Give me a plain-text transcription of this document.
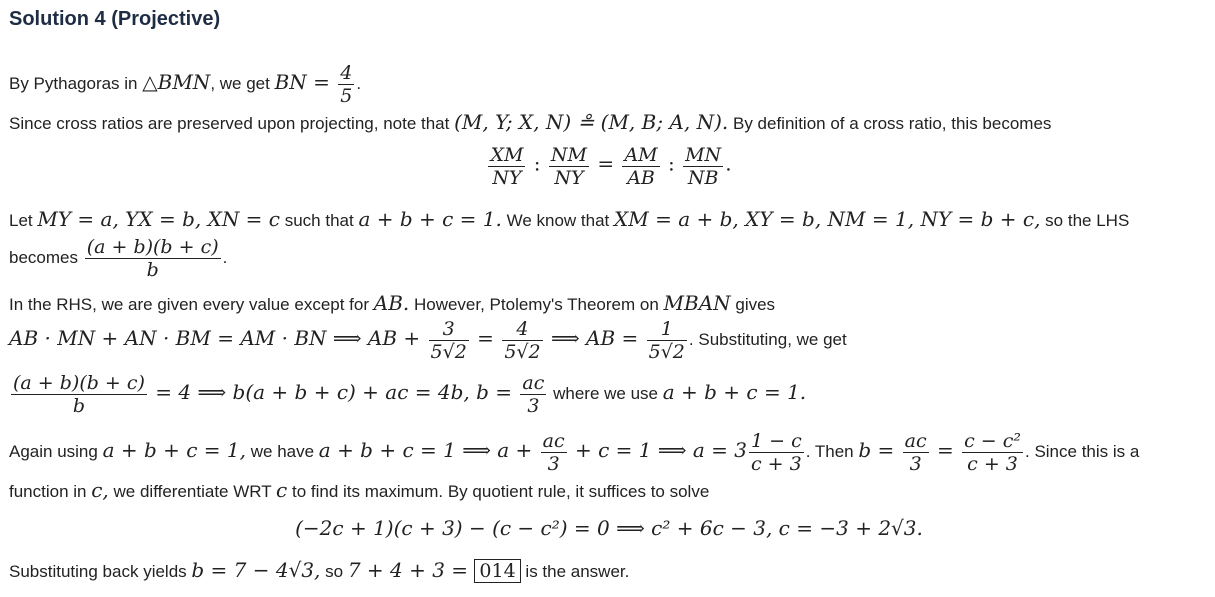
Solution 4 (Projective)
By Pythagoras in △BMN, we get BN = $\frac{4}{5}$ .
Since cross ratios are preserved upon projecting, note that (M, Y; X, N) ≗ (M, B; A, N). By definition of a cross ratio, this becomes
$\frac{XM}{NY}$ : $\frac{NM}{NY} = \frac{AM}{AB}$ : $\frac{MN}{NB}$ .
Let MY = a, YX = b, XN = c such that a + b + c = 1. We know that XM = a + b, XY = b, NM = 1, NY = b + c, so the LHS
becomes $\frac{(a + b)(b + c)}{b}$ .
In the RHS, we are given every value except for AB. However, Ptolemy's Theorem on MBAN gives
AB · MN + AN · BM = AM · BN ⟹ AB + $\frac{3}{5√2} = \frac{4}{5√2}$ ⟹ AB = $\frac{1}{5√2}$ . Substituting, we get
$\frac{(a + b)(b + c)}{b} = 4$ ⟹ b(a + b + c) + ac = 4b, $b = \frac{ac}{3}$ where we use a + b + c = 1.
Again using a + b + c = 1, we have a + b + c = 1 ⟹ $a + \frac{ac}{3} + c = 1$ ⟹ $a = 3 \frac{1 - c}{c + 3}$ . Then $b = \frac{ac}{3} = \frac{\text{c − c²}}{c + 3}$ . Since this is a
function in c, we differentiate WRT c to find its maximum. By quotient rule, it suffices to solve
(−2c + 1)(c + 3) − (c − c²) = 0 ⟹ c² + 6c − 3, c = −3 + 2√3.
Substituting back yields b = 7 − 4√3, so 7 + 4 + 3 = 014 is the answer.
